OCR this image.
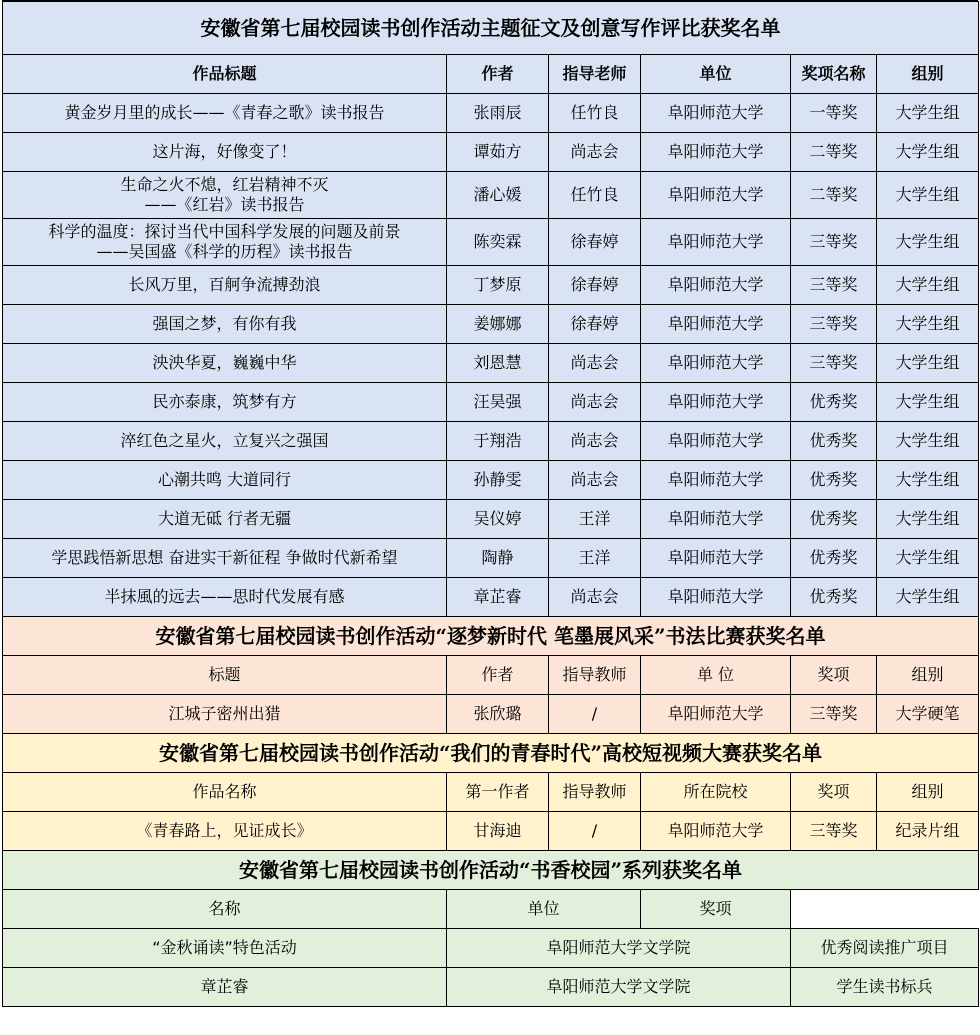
安徽省第七届校园读书创作活动主题征文及创意写作评比获奖名单					
作品标题	作者	指导老师	单位	奖项名称	组别
黄金岁月里的成长——《青春之歌》读书报告	张雨辰	任竹良	阜阳师范大学	一等奖	大学生组
这片海，好像变了！	谭茹方	尚志会	阜阳师范大学	二等奖	大学生组
生命之火不熄，红岩精神不灭
——《红岩》读书报告	潘心媛	任竹良	阜阳师范大学	二等奖	大学生组
科学的温度：探讨当代中国科学发展的问题及前景
——吴国盛《科学的历程》读书报告	陈奕霖	徐春婷	阜阳师范大学	三等奖	大学生组
长风万里，百舸争流搏劲浪	丁梦原	徐春婷	阜阳师范大学	三等奖	大学生组
强国之梦，有你有我	姜娜娜	徐春婷	阜阳师范大学	三等奖	大学生组
泱泱华夏，巍巍中华	刘恩慧	尚志会	阜阳师范大学	三等奖	大学生组
民亦泰康，筑梦有方	汪昊强	尚志会	阜阳师范大学	优秀奖	大学生组
淬红色之星火，立复兴之强国	于翔浩	尚志会	阜阳师范大学	优秀奖	大学生组
心潮共鸣 大道同行	孙静雯	尚志会	阜阳师范大学	优秀奖	大学生组
大道无砥 行者无疆	吴仪婷	王洋	阜阳师范大学	优秀奖	大学生组
学思践悟新思想 奋进实干新征程 争做时代新希望	陶静	王洋	阜阳师范大学	优秀奖	大学生组
半抹風的远去——思时代发展有感	章芷睿	尚志会	阜阳师范大学	优秀奖	大学生组
安徽省第七届校园读书创作活动“逐梦新时代 笔墨展风采”书法比赛获奖名单					
标题	作者	指导教师	单 位	奖项	组别
江城子密州出猎	张欣璐	/	阜阳师范大学	三等奖	大学硬笔
安徽省第七届校园读书创作活动“我们的青春时代”高校短视频大赛获奖名单					
作品名称	第一作者	指导教师	所在院校	奖项	组别
《青春路上，见证成长》	甘海迪	/	阜阳师范大学	三等奖	纪录片组
安徽省第七届校园读书创作活动“书香校园”系列获奖名单					
名称	单位		奖项		
“金秋诵读”特色活动	阜阳师范大学文学院			优秀阅读推广项目	
章芷睿	阜阳师范大学文学院			学生读书标兵	
